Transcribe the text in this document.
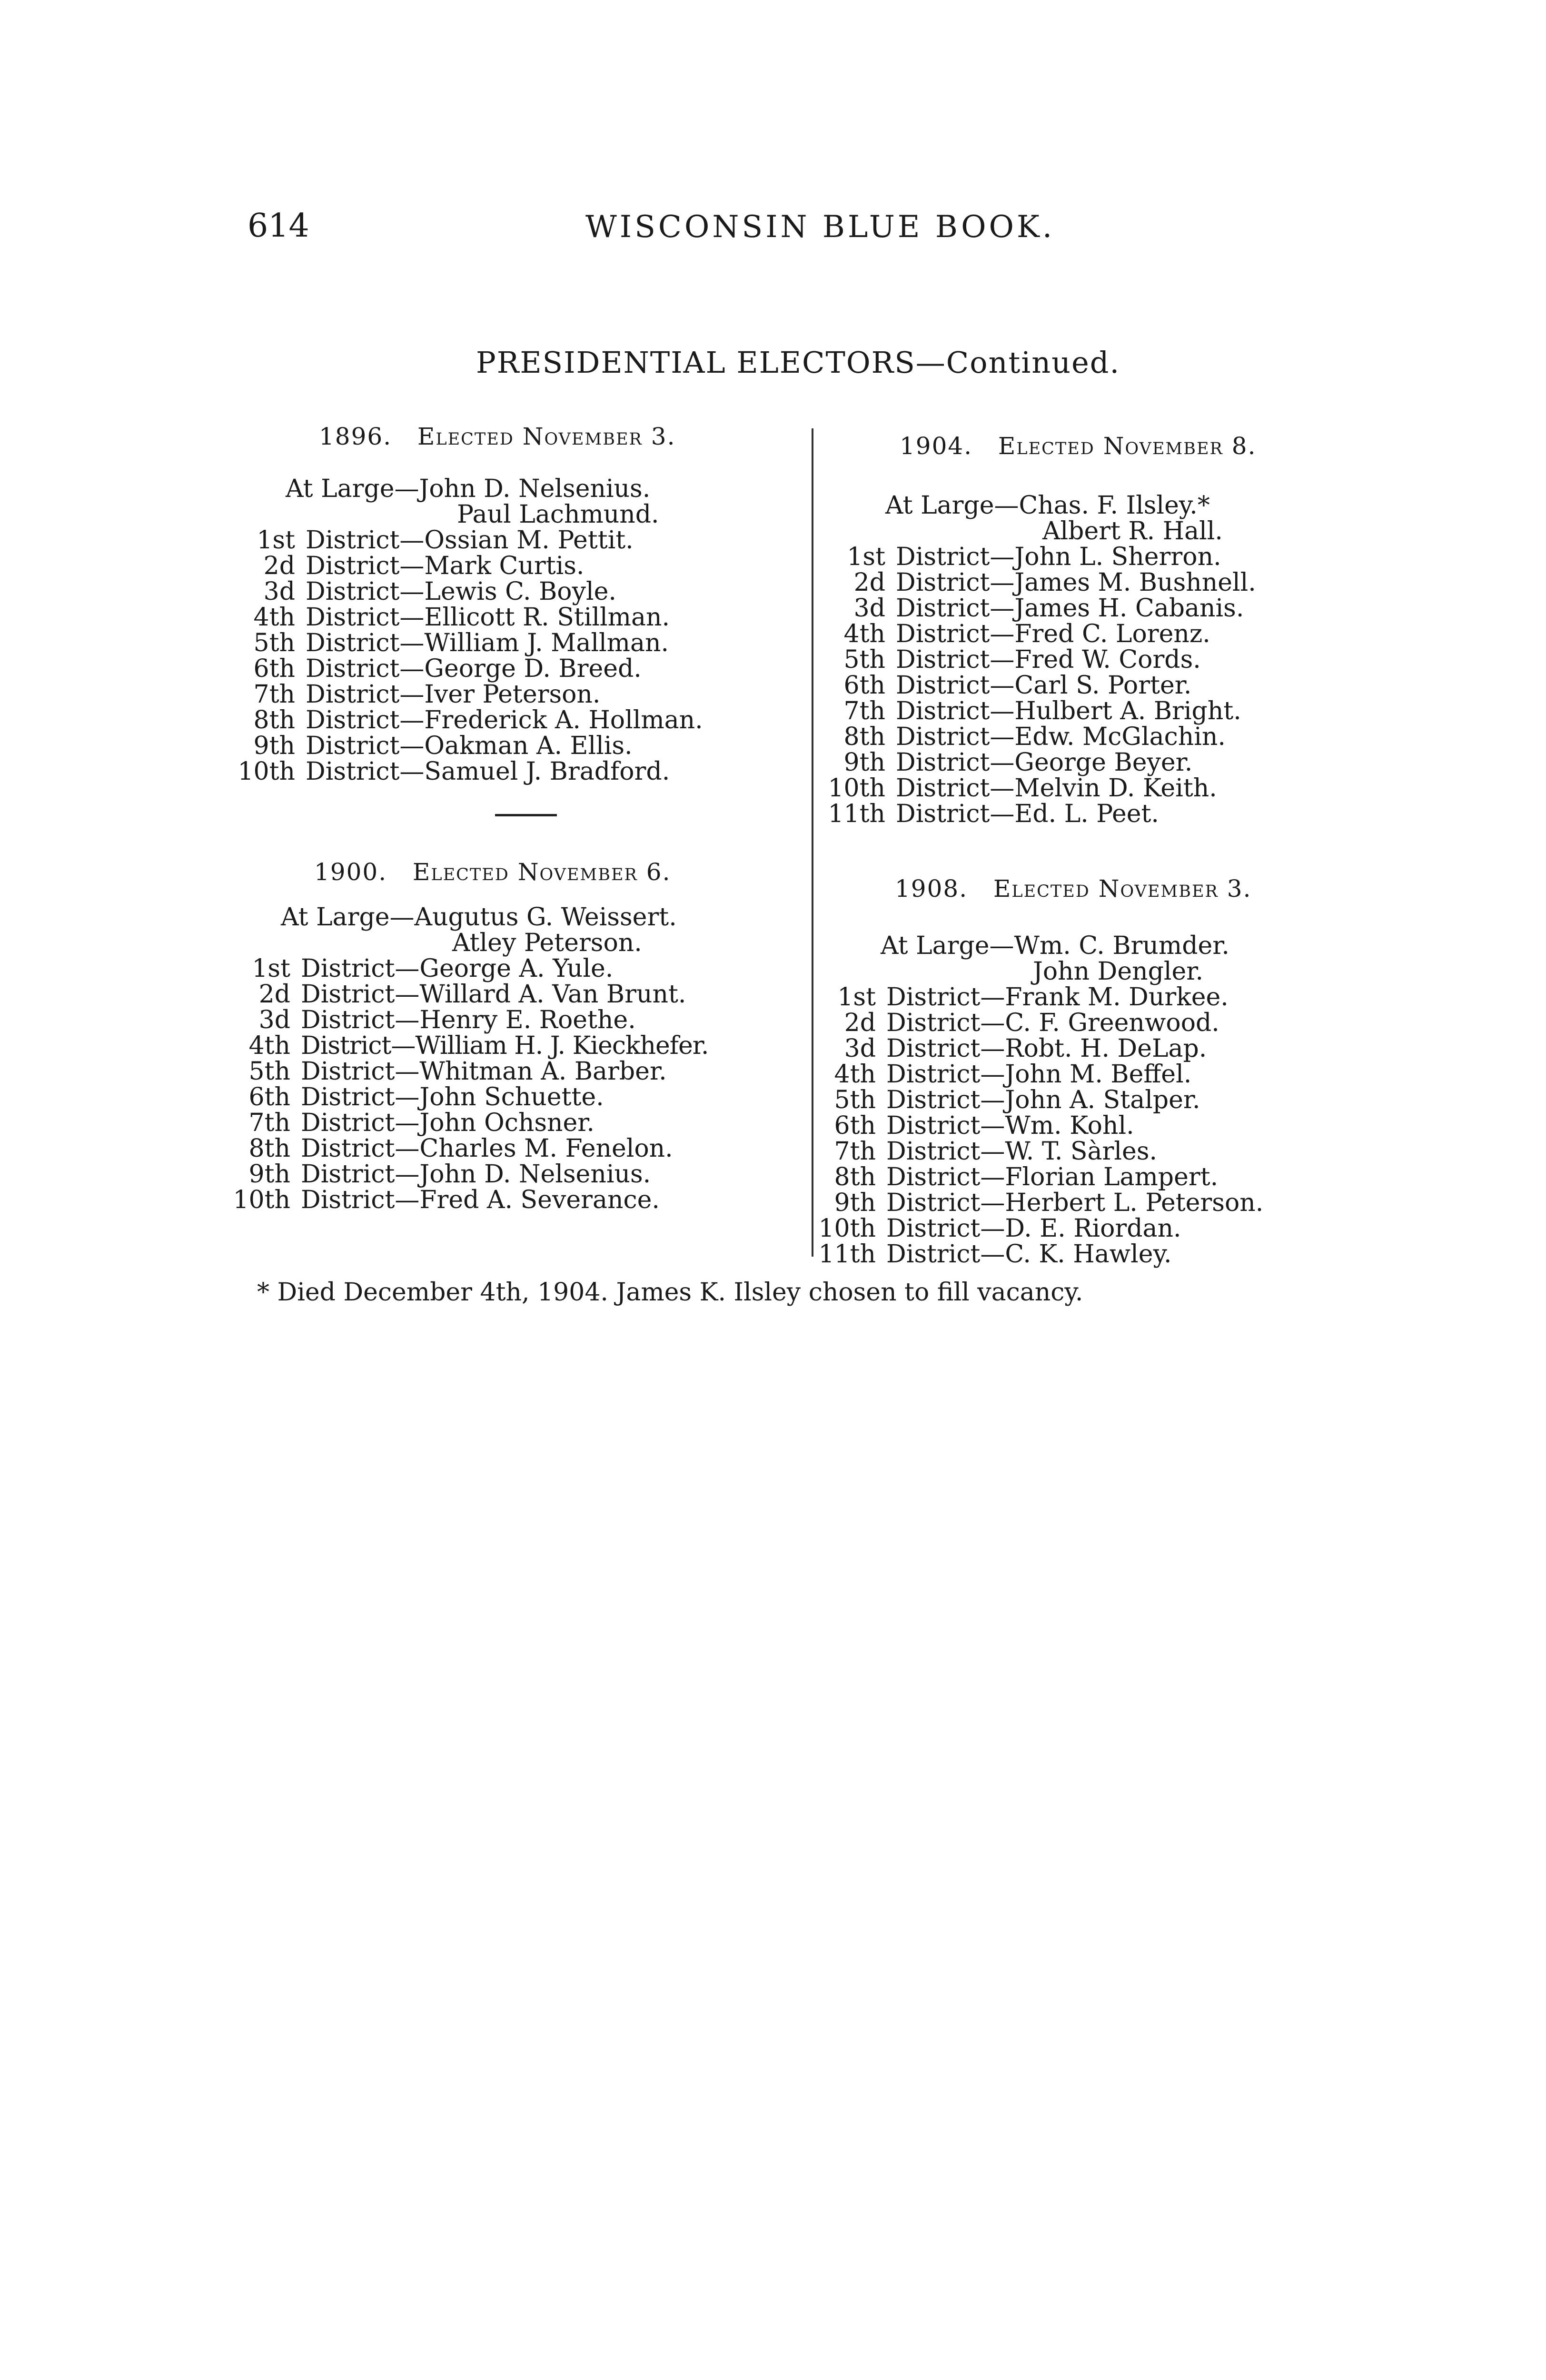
614	WISCONSIN BLUE BOOK.
PRESIDENTIAL ELECTORS—Continued.
1896. Elected November 3.
At Large—John D. Nelsenius.
Paul Lachmund.
1st District—Ossian M. Pettit.
2d District—Mark Curtis.
3d District—Lewis C. Boyle.
4th District—Ellicott R. Stillman.
5th District—William J. Mallman.
6th District—George D. Breed.
7th District—Iver Peterson.
8th District—Frederick A. Hollman.
9th District—Oakman A. Ellis.
10th District—Samuel J. Bradford.
1900. Elected November 6.
At Large—Augutus G. Weissert.
Atley Peterson.
1st District—George A. Yule.
2d District—Willard A. Van Brunt.
3d District—Henry E. Roethe.
4th District—William H. J. Kieckhefer.
5th District—Whitman A. Barber.
6th District—John Schuette.
7th District—John Ochsner.
8th District—Charles M. Fenelon.
9th District—John D. Nelsenius.
10th District—Fred A. Severance.
1904. Elected November 8.
At Large—Chas. F. Ilsley.*
Albert R. Hall.
1st District—John L. Sherron.
2d District—James M. Bushnell.
3d District—James H. Cabanis.
4th District—Fred C. Lorenz.
5th District—Fred W. Cords.
6th District—Carl S. Porter.
7th District—Hulbert A. Bright.
8th District—Edw. McGlachin.
9th District—George Beyer.
10th District—Melvin D. Keith.
11th District—Ed. L. Peet.
1908. Elected November 3.
At Large—Wm. C. Brumder.
John Dengler.
1st District—Frank M. Durkee.
2d District—C. F. Greenwood.
3d District—Robt. H. DeLap.
4th District—John M. Beffel.
5th District—John A. Stalper.
6th District—Wm. Kohl.
7th District—W. T. Sàrles.
8th District—Florian Lampert.
9th District—Herbert L. Peterson.
10th District—D. E. Riordan.
11th District—C. K. Hawley.
* Died December 4th, 1904. James K. Ilsley chosen to fill vacancy.
